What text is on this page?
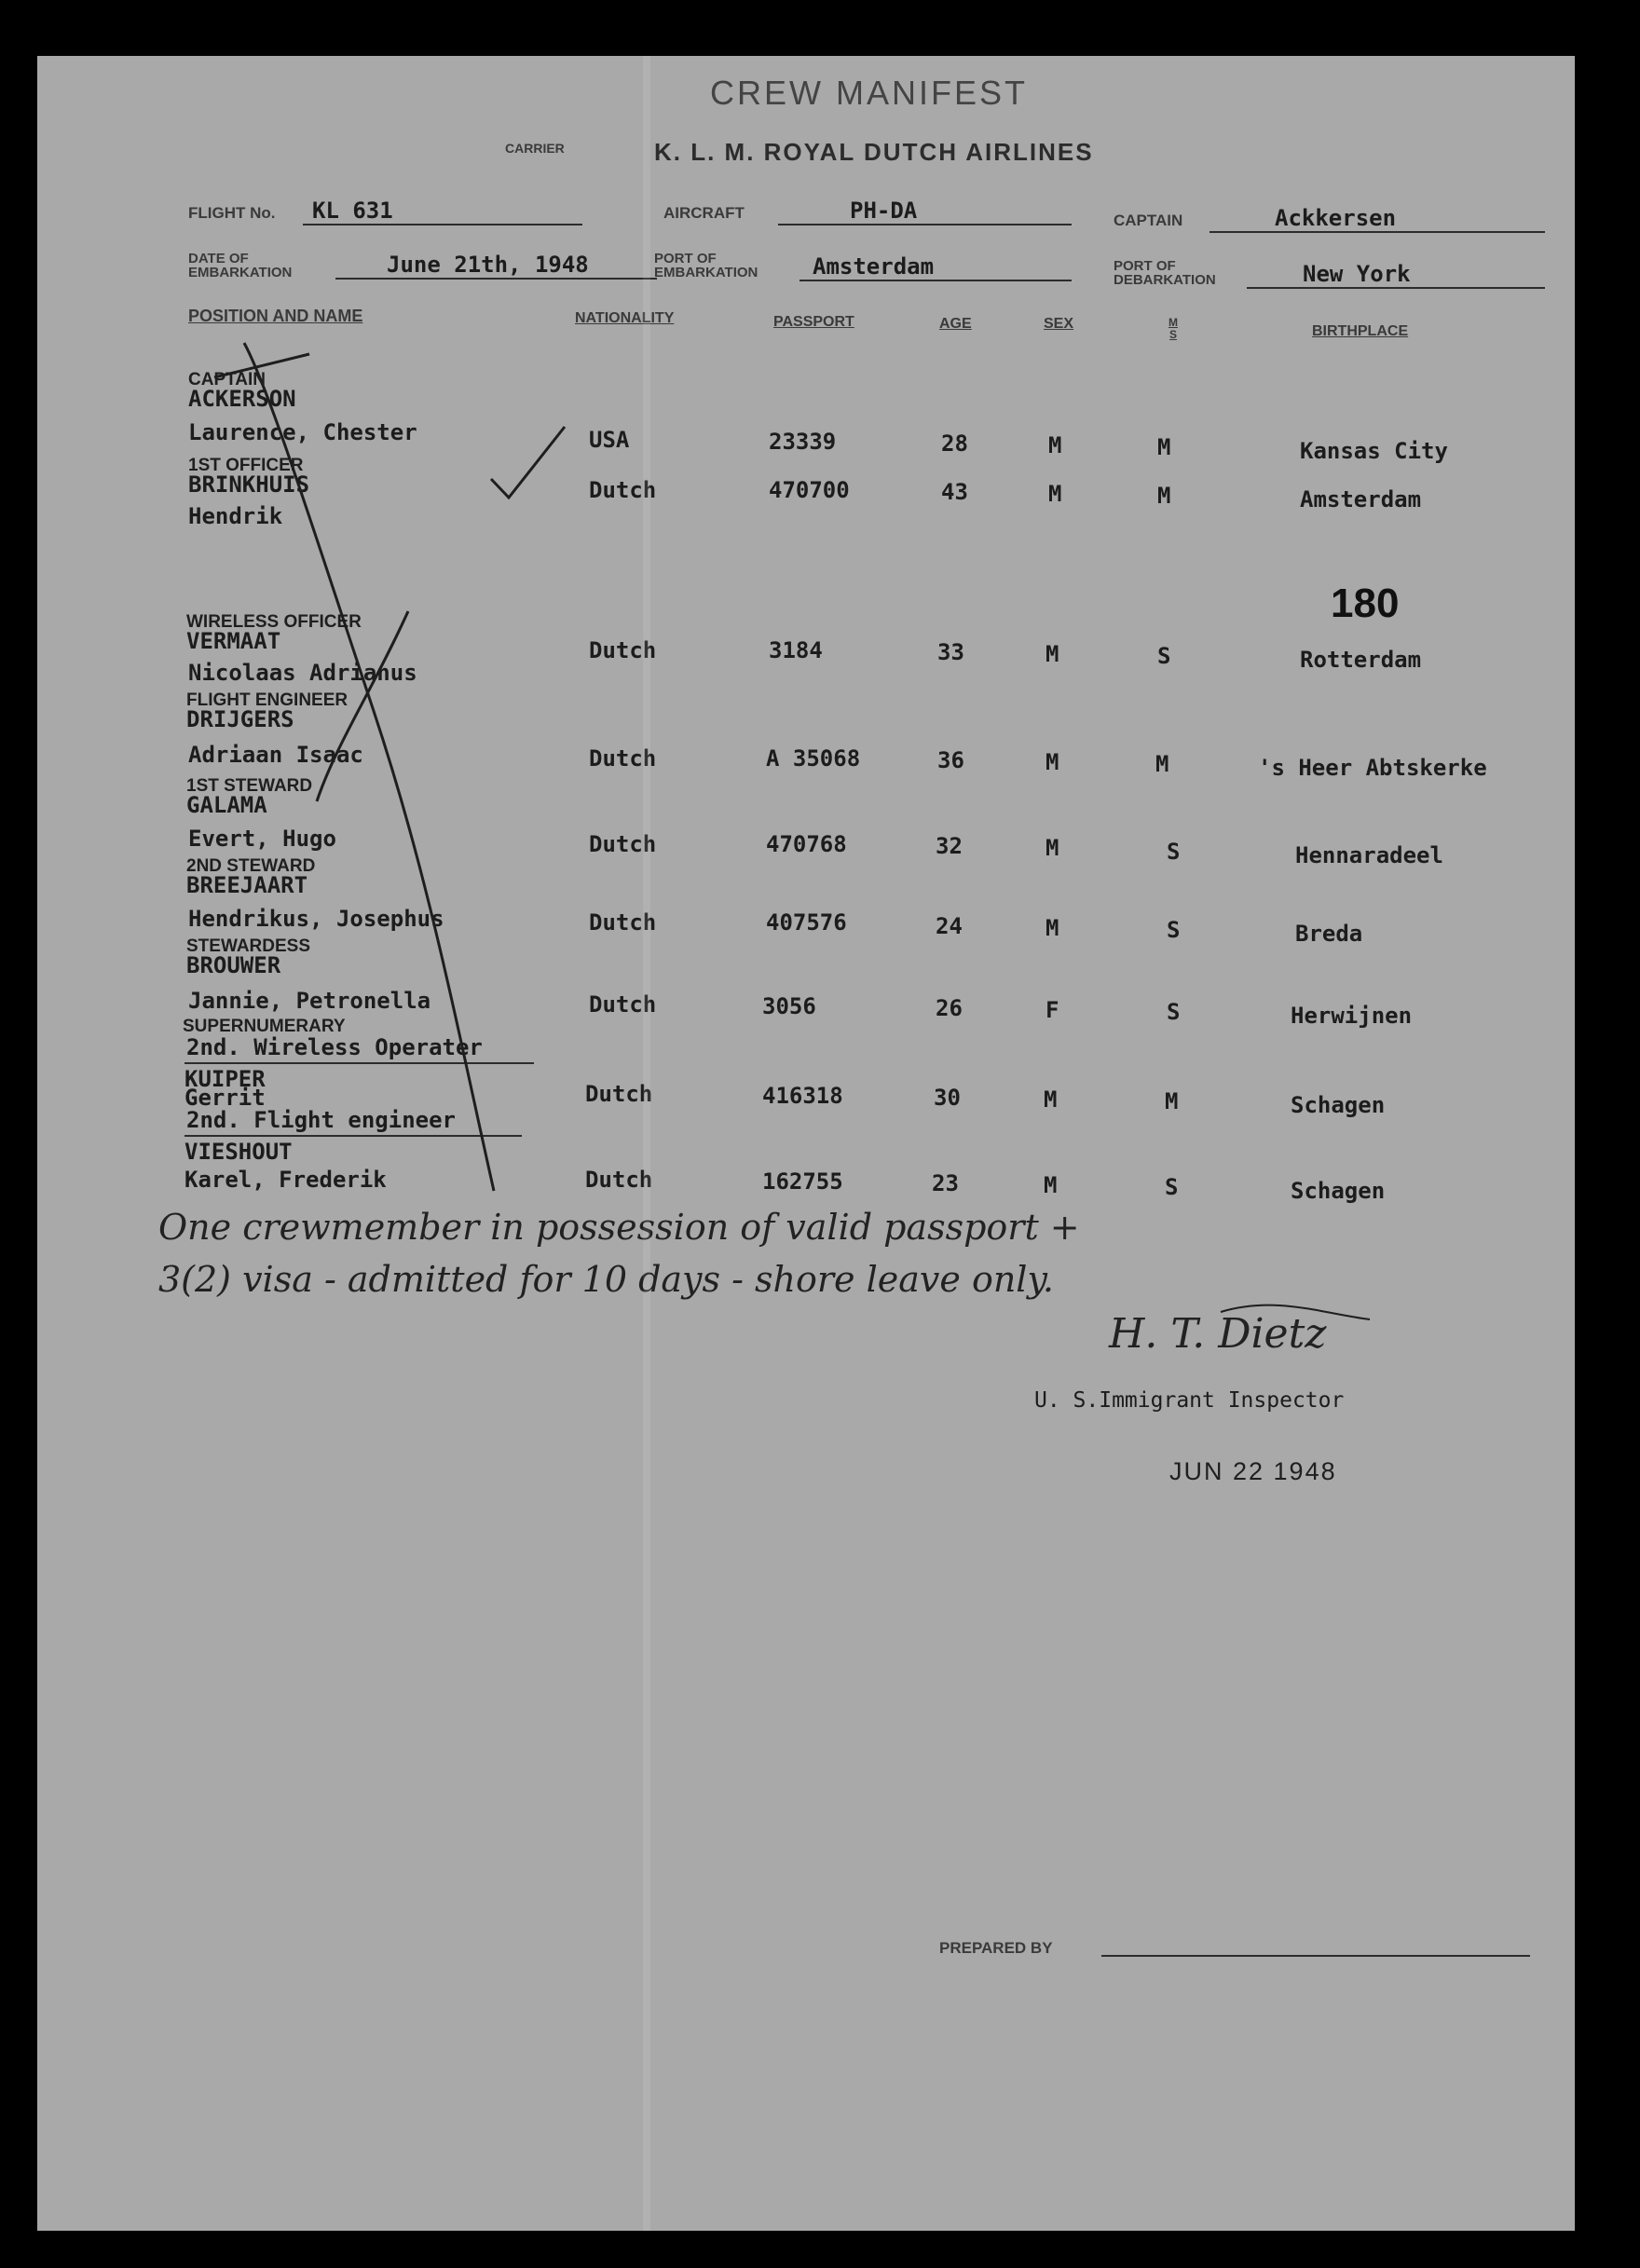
CREW MANIFEST
CARRIER	K. L. M. ROYAL DUTCH AIRLINES
FLIGHT No. KL 631	AIRCRAFT	PH-DA	CAPTAIN	Ackkersen
DATE OF EMBARKATION	June 21th, 1948	PORT OF EMBARKATION	Amsterdam	PORT OF DEBARKATION	New York
POSITION AND NAME	NATIONALITY	PASSPORT	AGE	SEX	M S	BIRTHPLACE
CAPTAIN
ACKERSON
Laurence, Chester	USA	23339	28	M	M	Kansas City
1ST OFFICER
BRINKHUIS
Hendrik
Dutch	470700	43	M	M	Amsterdam
180
WIRELESS OFFICER
VERMAAT
Nicolaas Adrianus
Dutch	3184	33	M	S	Rotterdam
FLIGHT ENGINEER
DRIJGERS
Adriaan Isaac	Dutch	A 35068	36	M	M	's Heer Abtskerke
1ST STEWARD
GALAMA
Evert, Hugo	Dutch	470768	32	M	S	Hennaradeel
2ND STEWARD
BREEJAART
Hendrikus, Josephus	Dutch	407576	24	M	S	Breda
STEWARDESS
BROUWER
Jannie, Petronella	Dutch	3056	26	F	S	Herwijnen
SUPERNUMERARY
2nd. Wireless Operater
KUIPER
Gerrit	Dutch	416318	30	M	M	Schagen
2nd. Flight engineer
VIESHOUT
Karel, Frederik	Dutch	162755	23	M	S	Schagen
One crewmember in possession of valid passport +
3(2) visa - admitted for 10 days - shore leave only.
H. T. Dietz
U. S.Immigrant Inspector
JUN 22 1948
PREPARED BY
